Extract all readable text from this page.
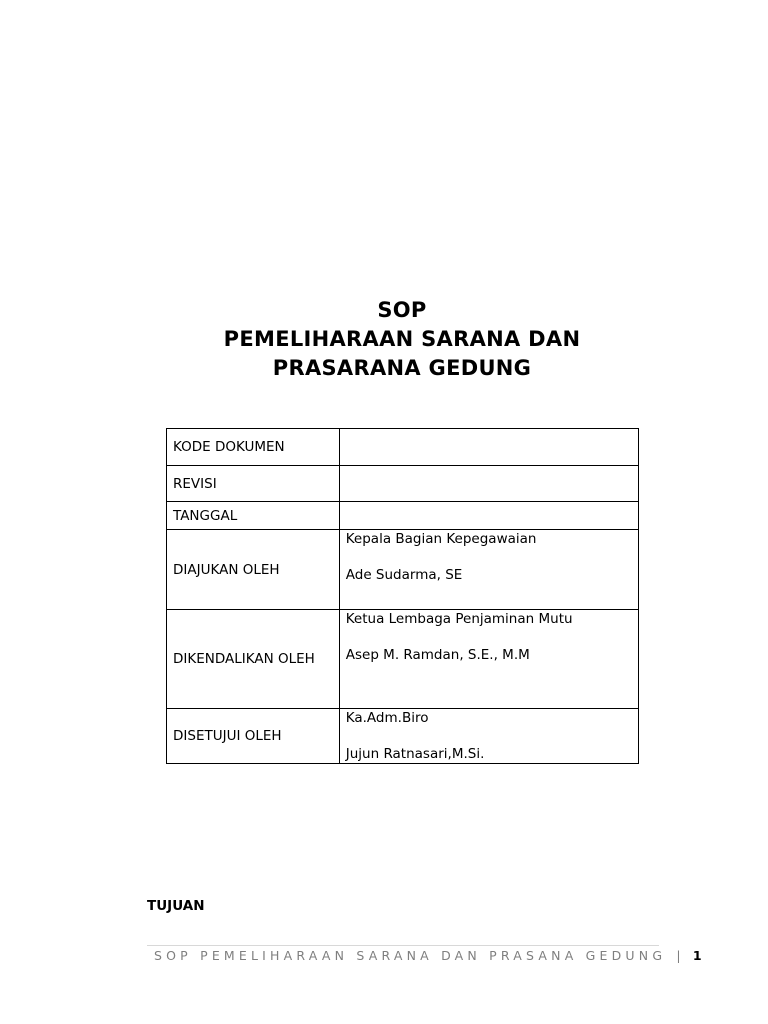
SOP
PEMELIHARAAN SARANA DAN
PRASARANA GEDUNG
KODE DOKUMEN	
REVISI	
TANGGAL	
DIAJUKAN OLEH	Kepala Bagian Kepegawaian
Ade Sudarma, SE

DIKENDALIKAN OLEH	Ketua Lembaga Penjaminan Mutu
Asep M. Ramdan, S.E., M.M

DISETUJUI OLEH	Ka.Adm.Biro
Jujun Ratnasari,M.Si.
TUJUAN
SOP PEMELIHARAAN SARANA DAN PRASANA GEDUNG | 1
